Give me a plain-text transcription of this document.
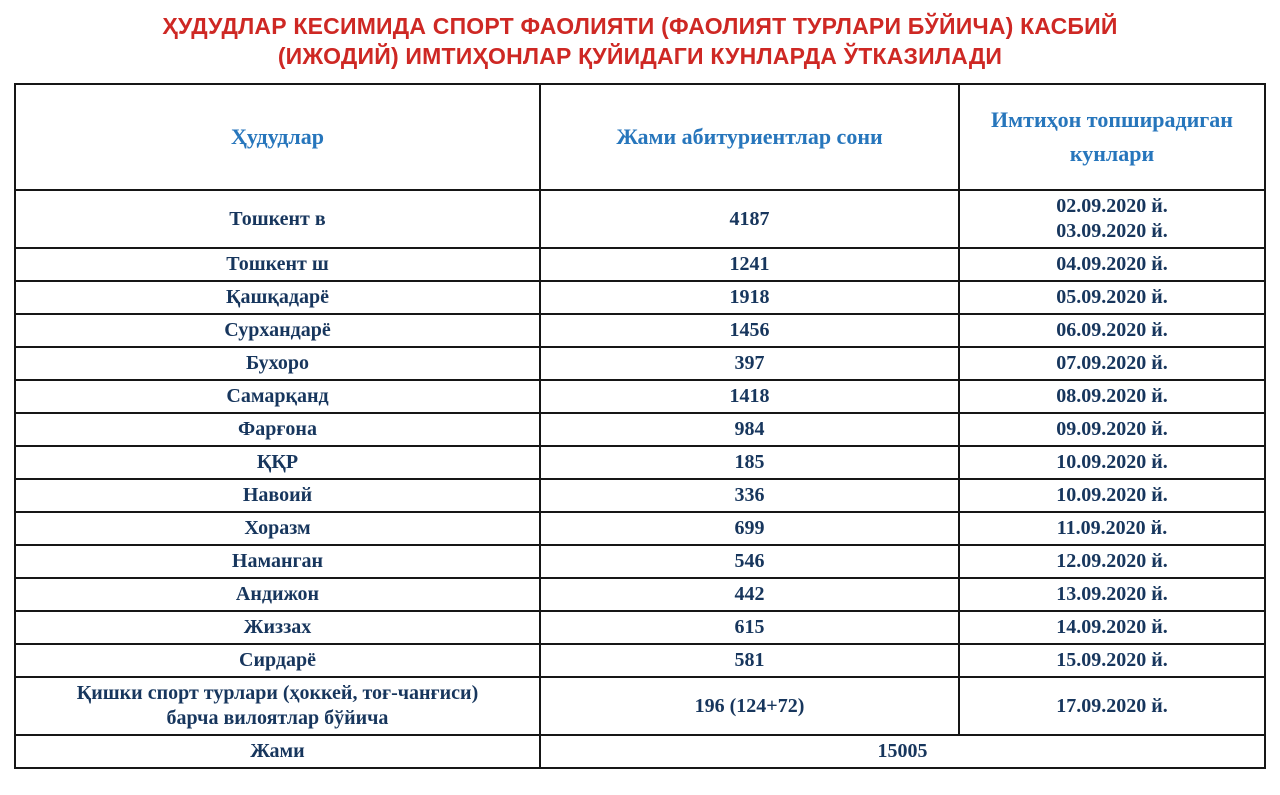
ҲУДУДЛАР КЕСИМИДА СПОРТ ФАОЛИЯТИ (ФАОЛИЯТ ТУРЛАРИ БЎЙИЧА) КАСБИЙ
(ИЖОДИЙ) ИМТИҲОНЛАР ҚУЙИДАГИ КУНЛАРДА ЎТКАЗИЛАДИ
Ҳудудлар	Жами абитуриентлар сони	Имтиҳон топширадиган кунлари
Тошкент в	4187	02.09.2020 й.
03.09.2020 й.
Тошкент ш	1241	04.09.2020 й.
Қашқадарё	1918	05.09.2020 й.
Сурхандарё	1456	06.09.2020 й.
Бухоро	397	07.09.2020 й.
Самарқанд	1418	08.09.2020 й.
Фарғона	984	09.09.2020 й.
ҚҚР	185	10.09.2020 й.
Навоий	336	10.09.2020 й.
Хоразм	699	11.09.2020 й.
Наманган	546	12.09.2020 й.
Андижон	442	13.09.2020 й.
Жиззах	615	14.09.2020 й.
Сирдарё	581	15.09.2020 й.
Қишки спорт турлари (ҳоккей, тоғ-чанғиси)
барча вилоятлар бўйича	196 (124+72)	17.09.2020 й.
Жами	15005	
